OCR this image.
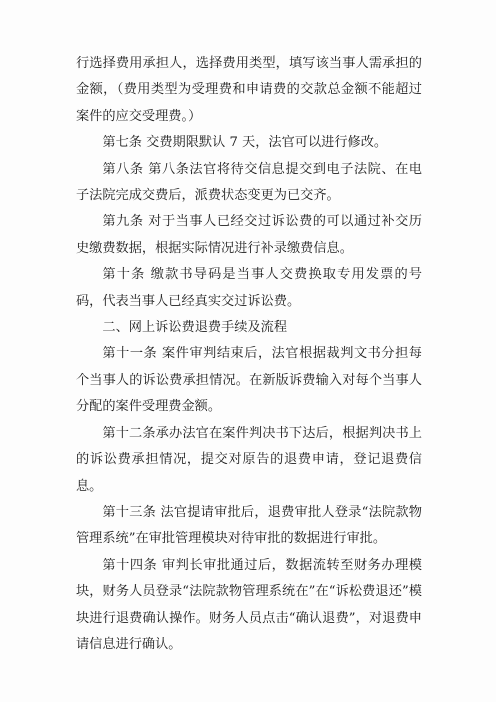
行选择费用承担人，选择费用类型，填写该当事人需承担的金额，（费用类型为受理费和申请费的交款总金额不能超过案件的应交受理费。）

第七条 交费期限默认 7 天，法官可以进行修改。

第八条 第八条法官将待交信息提交到电子法院、在电子法院完成交费后，派费状态变更为已交齐。

第九条 对于当事人已经交过诉讼费的可以通过补交历史缴费数据，根据实际情况进行补录缴费信息。

第十条 缴款书导码是当事人交费换取专用发票的号码，代表当事人已经真实交过诉讼费。

二、网上诉讼费退费手续及流程

第十一条 案件审判结束后，法官根据裁判文书分担每个当事人的诉讼费承担情况。在新版诉费输入对每个当事人分配的案件受理费金额。

第十二条承办法官在案件判决书下达后，根据判决书上的诉讼费承担情况，提交对原告的退费申请，登记退费信息。

第十三条 法官提请审批后，退费审批人登录“法院款物管理系统”在审批管理模块对待审批的数据进行审批。

第十四条 审判长审批通过后，数据流转至财务办理模块，财务人员登录“法院款物管理系统在”在“诉松费退还”模块进行退费确认操作。财务人员点击“确认退费”，对退费申请信息进行确认。
